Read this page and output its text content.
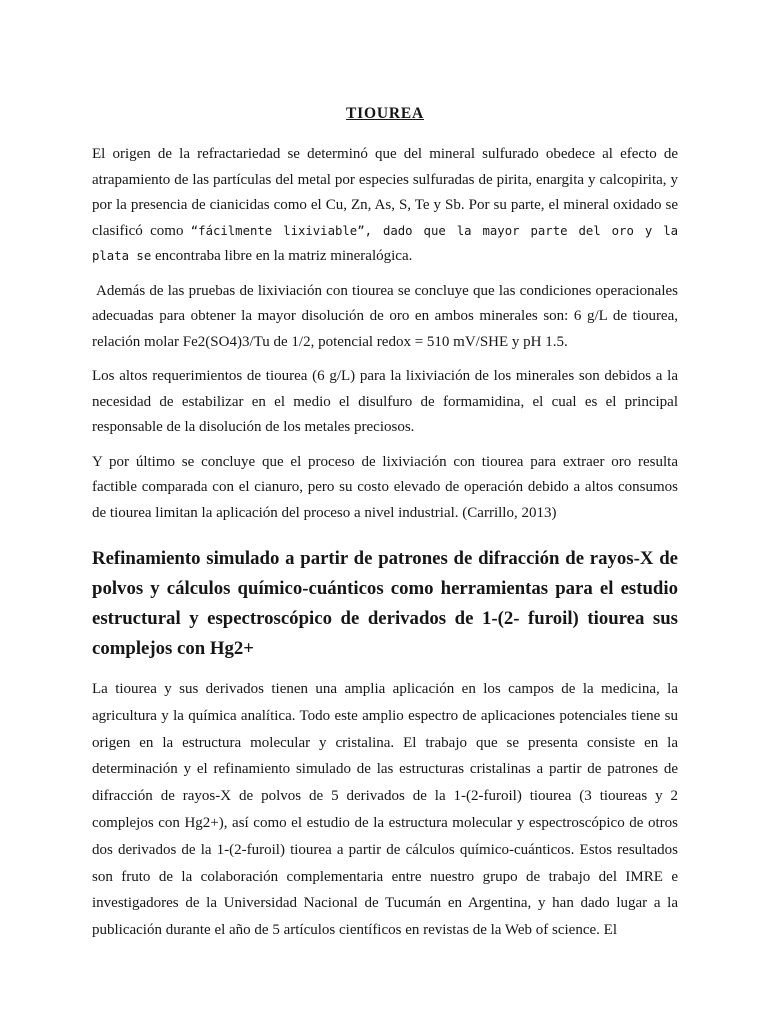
TIOUREA

El origen de la refractariedad se determinó que del mineral sulfurado obedece al efecto de atrapamiento de las partículas del metal por especies sulfuradas de pirita, enargita y calcopirita, y por la presencia de cianicidas como el Cu, Zn, As, S, Te y Sb. Por su parte, el mineral oxidado se clasificó como “fácilmente lixiviable”, dado que la mayor parte del oro y la plata se encontraba libre en la matriz mineralógica.

Además de las pruebas de lixiviación con tiourea se concluye que las condiciones operacionales adecuadas para obtener la mayor disolución de oro en ambos minerales son: 6 g/L de tiourea, relación molar Fe2(SO4)3/Tu de 1/2, potencial redox = 510 mV/SHE y pH 1.5.

Los altos requerimientos de tiourea (6 g/L) para la lixiviación de los minerales son debidos a la necesidad de estabilizar en el medio el disulfuro de formamidina, el cual es el principal responsable de la disolución de los metales preciosos.

Y por último se concluye que el proceso de lixiviación con tiourea para extraer oro resulta factible comparada con el cianuro, pero su costo elevado de operación debido a altos consumos de tiourea limitan la aplicación del proceso a nivel industrial. (Carrillo, 2013)

Refinamiento simulado a partir de patrones de difracción de rayos-X de polvos y cálculos químico-cuánticos como herramientas para el estudio estructural y espectroscópico de derivados de 1-(2- furoil) tiourea sus complejos con Hg2+

La tiourea y sus derivados tienen una amplia aplicación en los campos de la medicina, la agricultura y la química analítica. Todo este amplio espectro de aplicaciones potenciales tiene su origen en la estructura molecular y cristalina. El trabajo que se presenta consiste en la determinación y el refinamiento simulado de las estructuras cristalinas a partir de patrones de difracción de rayos-X de polvos de 5 derivados de la 1-(2-furoil) tiourea (3 tioureas y 2 complejos con Hg2+), así como el estudio de la estructura molecular y espectroscópico de otros dos derivados de la 1-(2-furoil) tiourea a partir de cálculos químico-cuánticos. Estos resultados son fruto de la colaboración complementaria entre nuestro grupo de trabajo del IMRE e investigadores de la Universidad Nacional de Tucumán en Argentina, y han dado lugar a la publicación durante el año de 5 artículos científicos en revistas de la Web of science. El
